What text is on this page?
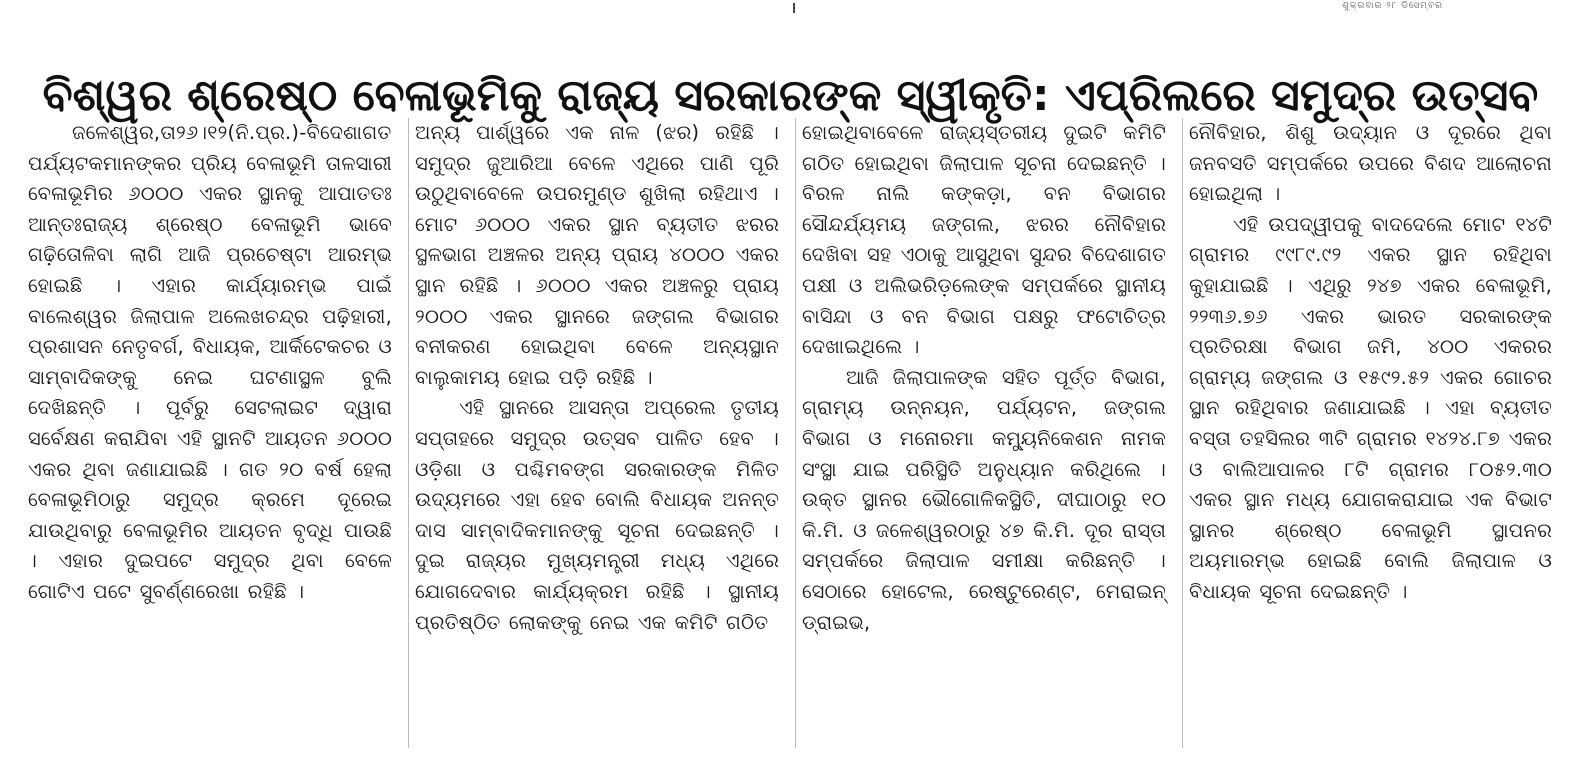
ଶୁକ୍ରବାର ୨୮ ଡିସେମ୍ବର
ବିଶ୍ୱର ଶ୍ରେଷ୍ଠ ବେଳାଭୂମିକୁ ରାଜ୍ୟ ସରକାରଙ୍କ ସ୍ୱୀକୃତି: ଏପ୍ରିଲରେ ସମୁଦ୍ର ଉତ୍ସବ

ଜଳେଶ୍ୱର,ତା୨୬।୧୨(ନି.ପ୍ର.)-ବିଦେଶାଗତ ପର୍ଯ୍ୟଟକମାନଙ୍କର ପ୍ରିୟ ବେଳାଭୂମି ତାଳସାରୀ ବେଳାଭୂମିର ୬୦୦୦ ଏକର ସ୍ଥାନକୁ ଆପାତତଃ ଆନ୍ତଃରାଜ୍ୟ ଶ୍ରେଷ୍ଠ ବେଳାଭୂମି ଭାବେ ଗଢ଼ିତୋଳିବା ଲାଗି ଆଜି ପ୍ରଚେଷ୍ଟା ଆରମ୍ଭ ହୋଇଛି । ଏହାର କାର୍ଯ୍ୟାରମ୍ଭ ପାଇଁ ବାଲେଶ୍ୱର ଜିଲାପାଳ ଅଲେଖଚନ୍ଦ୍ର ପଢ଼ିହାରୀ, ପ୍ରଶାସନ ନେତୃବର୍ଗ, ବିଧାୟକ, ଆର୍କିଟେକଚର ଓ ସାମ୍ବାଦିକଙ୍କୁ ନେଇ ଘଟଣାସ୍ଥଳ ବୁଲି ଦେଖିଛନ୍ତି । ପୂର୍ବରୁ ସେଟଲାଇଟ ଦ୍ୱାରା ସର୍ବେକ୍ଷଣ କରାଯିବା ଏହି ସ୍ଥାନଟି ଆୟତନ ୬୦୦୦ ଏକର ଥିବା ଜଣାଯାଇଛି । ଗତ ୨୦ ବର୍ଷ ହେଲା ବେଳାଭୂମିଠାରୁ ସମୁଦ୍ର କ୍ରମେ ଦୂରେଇ ଯାଉଥିବାରୁ ବେଳାଭୂମିର ଆୟତନ ବୃଦ୍ଧି ପାଉଛି । ଏହାର ଦୁଇପଟେ ସମୁଦ୍ର ଥିବା ବେଳେ ଗୋଟିଏ ପଟେ ସୁବର୍ଣ୍ଣରେଖା ରହିଛି ।

ଅନ୍ୟ ପାର୍ଶ୍ୱରେ ଏକ ନାଳ (ଝର) ରହିଛି । ସମୁଦ୍ର ଜୁଆରିଆ ବେଳେ ଏଥିରେ ପାଣି ପୂରି ଉଠୁଥିବାବେଳେ ଉପରମୁଣ୍ଡ ଶୁଖିଲା ରହିଥାଏ । ମୋଟ ୬୦୦୦ ଏକର ସ୍ଥାନ ବ୍ୟତୀତ ଝରର ସ୍ଥଳଭାଗ ଅଞ୍ଚଳର ଅନ୍ୟ ପ୍ରାୟ ୪୦୦୦ ଏକର ସ୍ଥାନ ରହିଛି । ୬୦୦୦ ଏକର ଅଞ୍ଚଳରୁ ପ୍ରାୟ ୨୦୦୦ ଏକର ସ୍ଥାନରେ ଜଙ୍ଗଲ ବିଭାଗର ବନୀକରଣ ହୋଇଥିବା ବେଳେ ଅନ୍ୟସ୍ଥାନ ବାଲୁକାମୟ ହୋଇ ପଡ଼ି ରହିଛି ।

ଏହି ସ୍ଥାନରେ ଆସନ୍ତା ଅପ୍ରେଲ ତୃତୀୟ ସପ୍ତାହରେ ସମୁଦ୍ର ଉତ୍ସବ ପାଳିତ ହେବ । ଓଡ଼ିଶା ଓ ପଶ୍ଚିମବଙ୍ଗ ସରକାରଙ୍କ ମିଳିତ ଉଦ୍ୟମରେ ଏହା ହେବ ବୋଲି ବିଧାୟକ ଅନନ୍ତ ଦାସ ସାମ୍ବାଦିକମାନଙ୍କୁ ସୂଚନା ଦେଇଛନ୍ତି । ଦୁଇ ରାଜ୍ୟର ମୁଖ୍ୟମନ୍ତ୍ରୀ ମଧ୍ୟ ଏଥିରେ ଯୋଗଦେବାର କାର୍ଯ୍ୟକ୍ରମ ରହିଛି । ସ୍ଥାନୀୟ ପ୍ରତିଷ୍ଠିତ ଲୋକଙ୍କୁ ନେଇ ଏକ କମିଟି ଗଠିତ

ହୋଇଥିବାବେଳେ ରାଜ୍ୟସ୍ତରୀୟ ଦୁଇଟି କମିଟି ଗଠିତ ହୋଇଥିବା ଜିଲାପାଳ ସୂଚନା ଦେଇଛନ୍ତି । ବିରଳ ନାଲି କଙ୍କଡ଼ା, ବନ ବିଭାଗର ସୌନ୍ଦର୍ଯ୍ୟମୟ ଜଙ୍ଗଲ, ଝରର ନୌବିହାର ଦେଖିବା ସହ ଏଠାକୁ ଆସୁଥିବା ସୁନ୍ଦର ବିଦେଶାଗତ ପକ୍ଷୀ ଓ ଅଲିଭରିଡ଼ଲେଙ୍କ ସମ୍ପର୍କରେ ସ୍ଥାନୀୟ ବାସିନ୍ଦା ଓ ବନ ବିଭାଗ ପକ୍ଷରୁ ଫଟୋଚିତ୍ର ଦେଖାଇଥିଲେ ।

ଆଜି ଜିଲାପାଳଙ୍କ ସହିତ ପୂର୍ତ୍ତ ବିଭାଗ, ଗ୍ରାମ୍ୟ ଉନ୍ନୟନ, ପର୍ଯ୍ୟଟନ, ଜଙ୍ଗଲ ବିଭାଗ ଓ ମନୋରମା କମ୍ୟୁନିକେଶନ ନାମକ ସଂସ୍ଥା ଯାଇ ପରିସ୍ଥିତି ଅନୁଧ୍ୟାନ କରିଥିଲେ । ଉକ୍ତ ସ୍ଥାନର ଭୌଗୋଳିକସ୍ଥିତି, ଦୀଘାଠାରୁ ୧୦ କି.ମି. ଓ ଜଳେଶ୍ୱରଠାରୁ ୪୭ କି.ମି. ଦୂର ରାସ୍ତା ସମ୍ପର୍କରେ ଜିଲାପାଳ ସମୀକ୍ଷା କରିଛନ୍ତି । ସେଠାରେ ହୋଟେଲ, ରେଷ୍ଟୁରେଣ୍ଟ, ମେରାଇନ୍ ଡ୍ରାଇଭ,

ନୌବିହାର, ଶିଶୁ ଉଦ୍ୟାନ ଓ ଦୂରରେ ଥିବା ଜନବସତି ସମ୍ପର୍କରେ ଉପରେ ବିଶଦ ଆଲୋଚନା ହୋଇଥିଲା ।

ଏହି ଉପଦ୍ୱୀପକୁ ବାଦଦେଲେ ମୋଟ ୧୪ଟି ଗ୍ରାମର ୯୯୮୯.୯୨ ଏକର ସ୍ଥାନ ରହିଥିବା କୁହାଯାଇଛି । ଏଥିରୁ ୨୪୭ ଏକର ବେଳାଭୂମି, ୨୨୩୬.୭୬ ଏକର ଭାରତ ସରକାରଙ୍କ ପ୍ରତିରକ୍ଷା ବିଭାଗ ଜମି, ୪୦୦ ଏକରର ଗ୍ରାମ୍ୟ ଜଙ୍ଗଲ ଓ ୧୫୯୨.୫୨ ଏକର ଗୋଚର ସ୍ଥାନ ରହିଥିବାର ଜଣାଯାଇଛି । ଏହା ବ୍ୟତୀତ ବସ୍ତା ତହସିଲର ୩ଟି ଗ୍ରାମର ୧୪୨୪.୮୭ ଏକର ଓ ବାଲିଆପାଳର ୮ଟି ଗ୍ରାମର ୮୦୫୨.୩୦ ଏକର ସ୍ଥାନ ମଧ୍ୟ ଯୋଗକରାଯାଇ ଏକ ବିଭାଟ ସ୍ଥାନର ଶ୍ରେଷ୍ଠ ବେଳାଭୂମି ସ୍ଥାପନର ଅୟମାରମ୍ଭ ହୋଇଛି ବୋଲି ଜିଲାପାଳ ଓ ବିଧାୟକ ସୂଚନା ଦେଇଛନ୍ତି ।
